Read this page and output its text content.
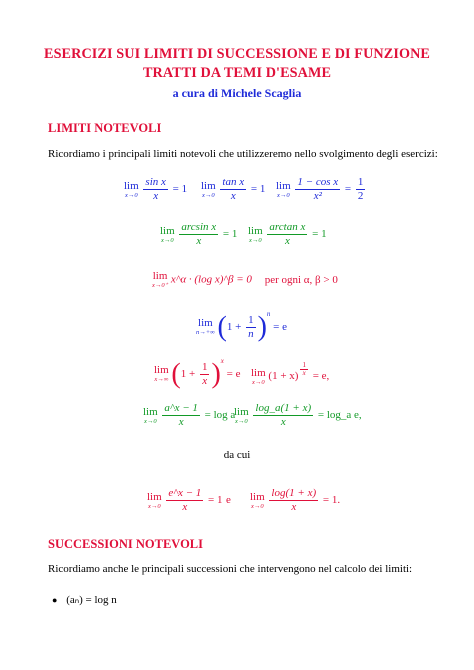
ESERCIZI SUI LIMITI DI SUCCESSIONE E DI FUNZIONE
TRATTI DA TEMI D'ESAME
a cura di Michele Scaglia
LIMITI NOTEVOLI
Ricordiamo i principali limiti notevoli che utilizzeremo nello svolgimento degli esercizi:
lim
x→0
$\frac{\text{sin x}}{x} = 1$ lim
x→0
$\frac{\text{tan x}}{x} = 1$ lim
x→0
$\frac{\text{1 − cos x}}{\text{x²}} = \frac{1}{2}$
lim
x→0
$\frac{\text{arcsin x}}{x} = 1$ lim
x→0
$\frac{\text{arctan x}}{x} = 1$
lim
x→0⁺ x^α · (log x)^β = 0 per ogni α, β > 0
lim
n→+∞ $(1 + \frac{1}{n} )^n = e$
lim
x→∞ $(1 + \frac{1}{x} )^x = e$ lim
x→0 (1 + x) $^{\frac{1}{x}}$ = e,
lim
x→0
$\frac{a\^{}x - 1}{x} = \log a$
lim
x→0
$\frac{\log\_a(1 + x)}{x}$ = log_a e,
da cui
lim
x→0
$\frac{e\^{}x - 1}{x} = 1$ e lim
x→0
$\frac{\log(1 + x)}{x} = 1$.
SUCCESSIONI NOTEVOLI
Ricordiamo anche le principali successioni che intervengono nel calcolo dei limiti:
● (aₙ) = log n
